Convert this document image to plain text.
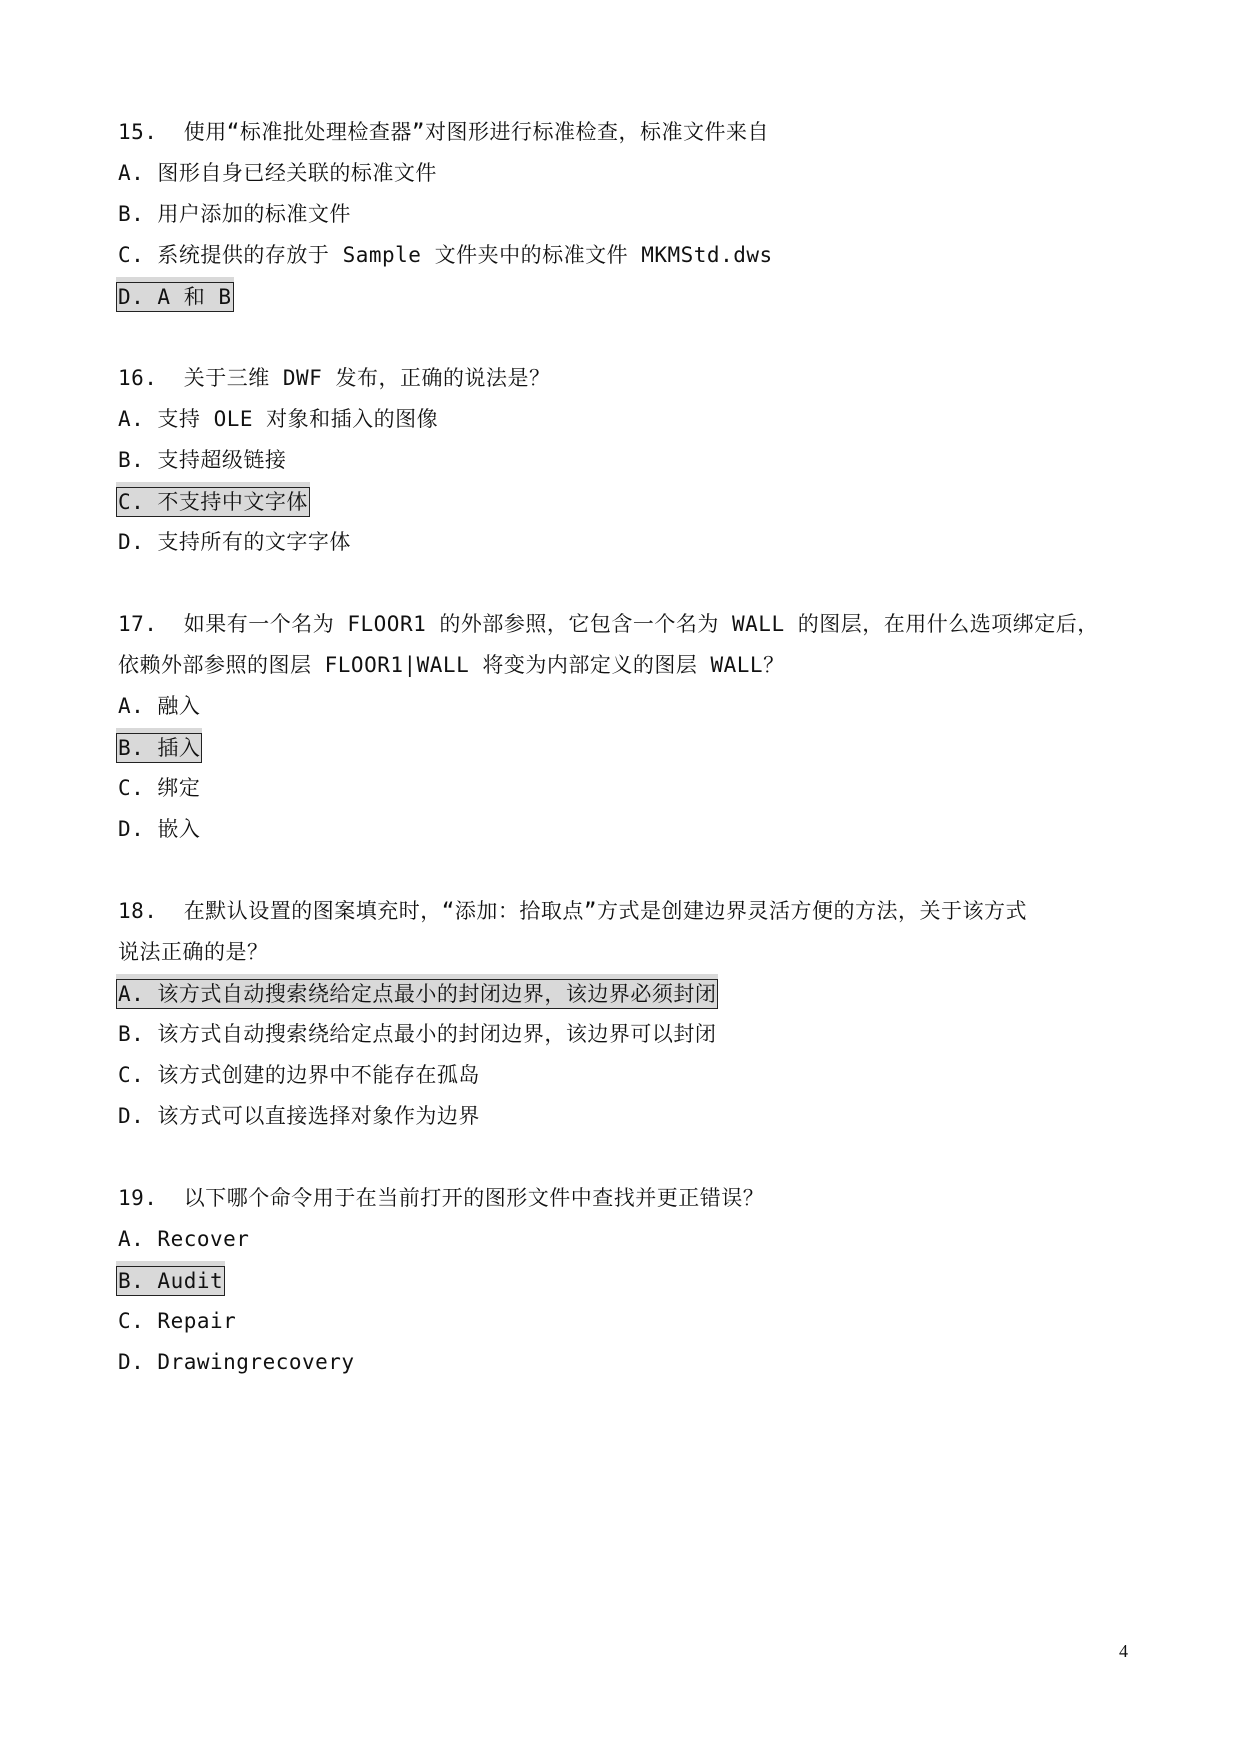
15. 使用“标准批处理检查器”对图形进行标准检查，标准文件来自
A. 图形自身已经关联的标准文件
B. 用户添加的标准文件
C. 系统提供的存放于 Sample 文件夹中的标准文件 MKMStd.dws
D. A 和 B
16. 关于三维 DWF 发布，正确的说法是？
A. 支持 OLE 对象和插入的图像
B. 支持超级链接
C. 不支持中文字体
D. 支持所有的文字字体
17. 如果有一个名为 FLOOR1 的外部参照，它包含一个名为 WALL 的图层，在用什么选项绑定后，
依赖外部参照的图层 FLOOR1|WALL 将变为内部定义的图层 WALL？
A. 融入
B. 插入
C. 绑定
D. 嵌入
18. 在默认设置的图案填充时，“添加：拾取点”方式是创建边界灵活方便的方法，关于该方式
说法正确的是？
A. 该方式自动搜索绕给定点最小的封闭边界，该边界必须封闭
B. 该方式自动搜索绕给定点最小的封闭边界，该边界可以封闭
C. 该方式创建的边界中不能存在孤岛
D. 该方式可以直接选择对象作为边界
19. 以下哪个命令用于在当前打开的图形文件中查找并更正错误？
A. Recover
B. Audit
C. Repair
D. Drawingrecovery
4
